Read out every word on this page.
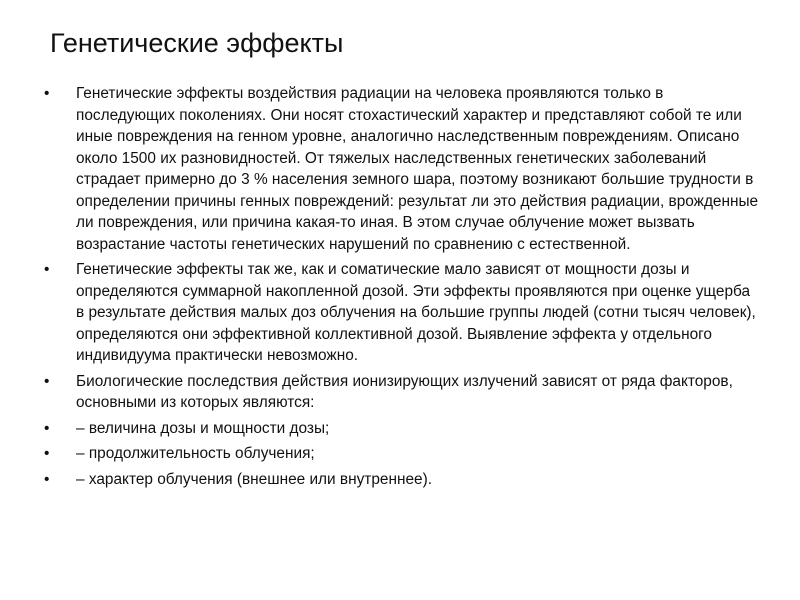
Генетические эффекты
•	Генетические эффекты воздействия радиации на человека проявляются только в последующих поколениях. Они носят стохастический характер и представляют собой те или иные повреждения на генном уровне, аналогично наследственным повреждениям. Описано около 1500 их разновидностей. От тяжелых наследственных генетических заболеваний страдает примерно до 3 % населения земного шара, поэтому возникают большие трудности в определении причины генных повреждений: результат ли это действия радиации, врожденные ли повреждения, или причина какая-то иная. В этом случае облучение может вызвать возрастание частоты генетических нарушений по сравнению с естественной.
•	Генетические эффекты так же, как и соматические мало зависят от мощности дозы и определяются суммарной накопленной дозой. Эти эффекты проявляются при оценке ущерба в результате действия малых доз облучения на большие группы людей (сотни тысяч человек), определяются они эффективной коллективной дозой. Выявление эффекта у отдельного индивидуума практически невозможно.
•	Биологические последствия действия ионизирующих излучений зависят от ряда факторов, основными из которых являются:
•	– величина дозы и мощности дозы;
•	– продолжительность облучения;
•	– характер облучения (внешнее или внутреннее).
